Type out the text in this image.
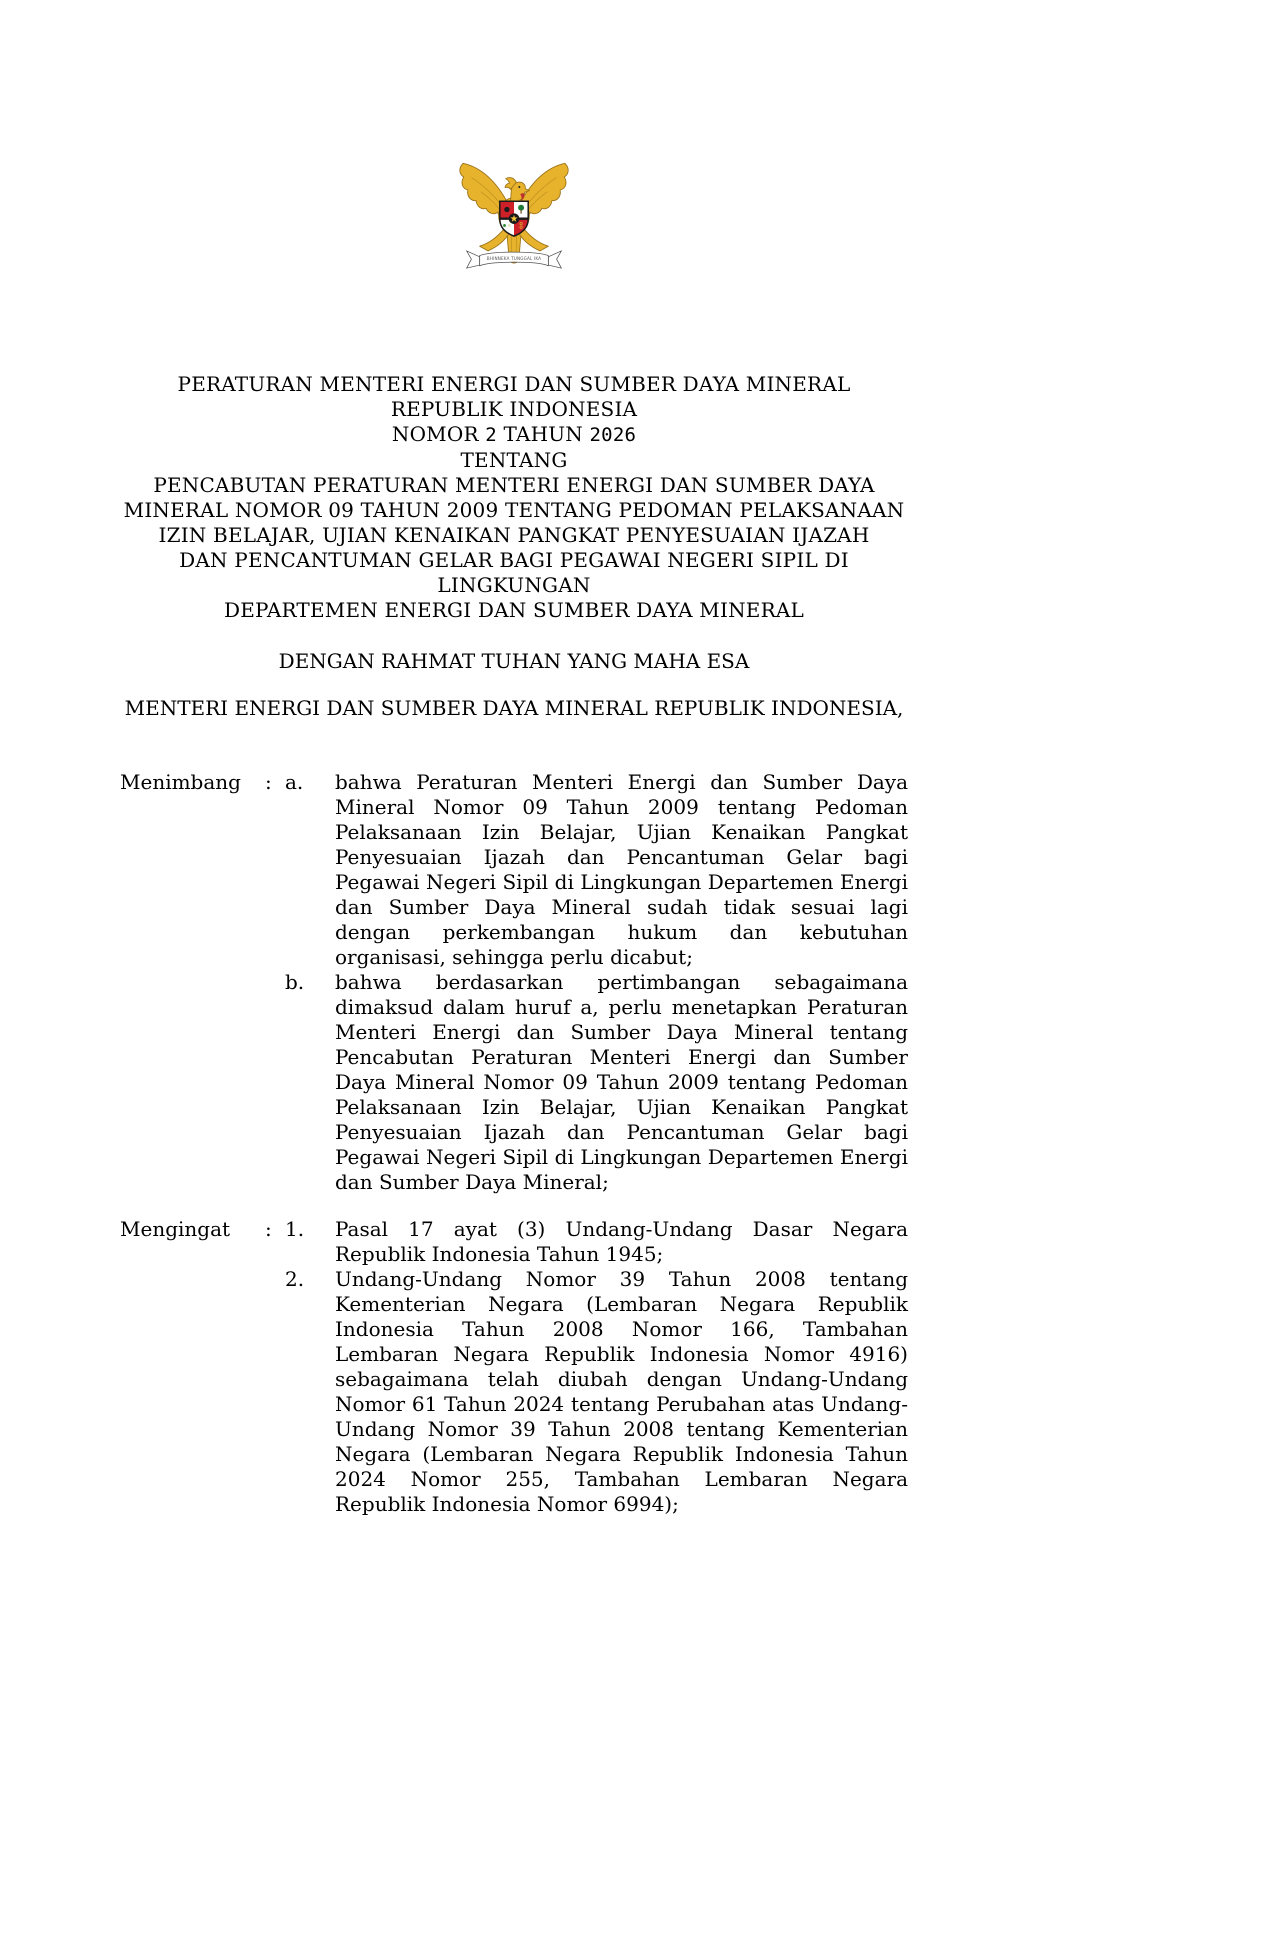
BHINNEKA TUNGGAL IKA
PERATURAN MENTERI ENERGI DAN SUMBER DAYA MINERAL
REPUBLIK INDONESIA
NOMOR 2 TAHUN 2026
TENTANG
PENCABUTAN PERATURAN MENTERI ENERGI DAN SUMBER DAYA
MINERAL NOMOR 09 TAHUN 2009 TENTANG PEDOMAN PELAKSANAAN
IZIN BELAJAR, UJIAN KENAIKAN PANGKAT PENYESUAIAN IJAZAH
DAN PENCANTUMAN GELAR BAGI PEGAWAI NEGERI SIPIL DI LINGKUNGAN
DEPARTEMEN ENERGI DAN SUMBER DAYA MINERAL
DENGAN RAHMAT TUHAN YANG MAHA ESA
MENTERI ENERGI DAN SUMBER DAYA MINERAL REPUBLIK INDONESIA,
Menimbang	: a.	bahwa Peraturan Menteri Energi dan Sumber Daya Mineral Nomor 09 Tahun 2009 tentang Pedoman Pelaksanaan Izin Belajar, Ujian Kenaikan Pangkat Penyesuaian Ijazah dan Pencantuman Gelar bagi Pegawai Negeri Sipil di Lingkungan Departemen Energi dan Sumber Daya Mineral sudah tidak sesuai lagi dengan perkembangan hukum dan kebutuhan organisasi, sehingga perlu dicabut;
b.	bahwa berdasarkan pertimbangan sebagaimana dimaksud dalam huruf a, perlu menetapkan Peraturan Menteri Energi dan Sumber Daya Mineral tentang Pencabutan Peraturan Menteri Energi dan Sumber Daya Mineral Nomor 09 Tahun 2009 tentang Pedoman Pelaksanaan Izin Belajar, Ujian Kenaikan Pangkat Penyesuaian Ijazah dan Pencantuman Gelar bagi Pegawai Negeri Sipil di Lingkungan Departemen Energi dan Sumber Daya Mineral;
Mengingat	: 1.	Pasal 17 ayat (3) Undang-Undang Dasar Negara Republik Indonesia Tahun 1945;
2.	Undang-Undang Nomor 39 Tahun 2008 tentang Kementerian Negara (Lembaran Negara Republik Indonesia Tahun 2008 Nomor 166, Tambahan Lembaran Negara Republik Indonesia Nomor 4916) sebagaimana telah diubah dengan Undang-Undang Nomor 61 Tahun 2024 tentang Perubahan atas Undang-Undang Nomor 39 Tahun 2008 tentang Kementerian Negara (Lembaran Negara Republik Indonesia Tahun 2024 Nomor 255, Tambahan Lembaran Negara Republik Indonesia Nomor 6994);
